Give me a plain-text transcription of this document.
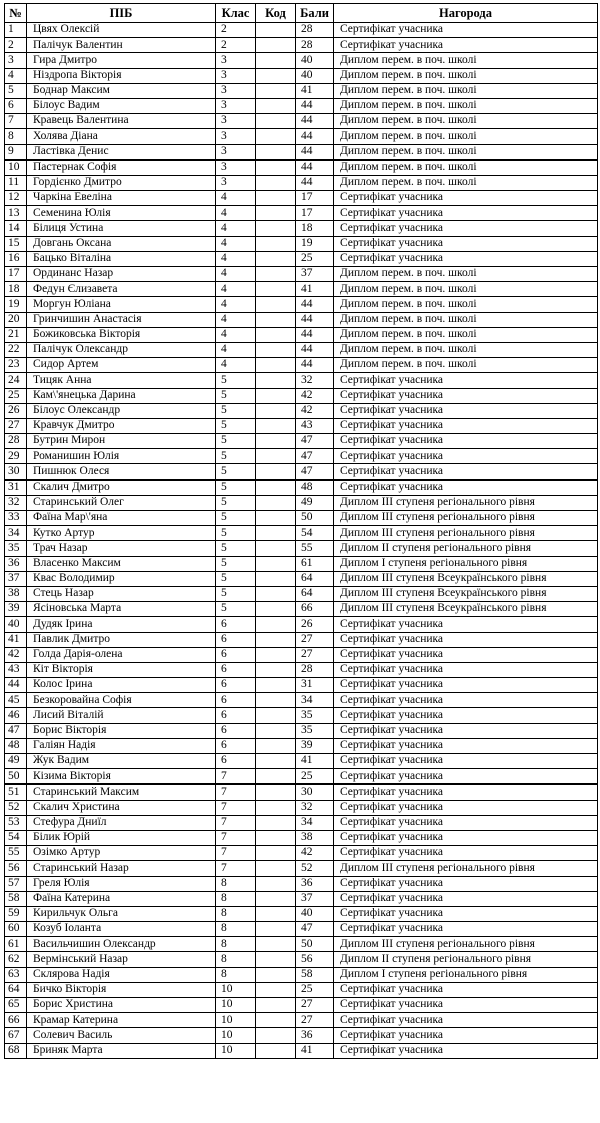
№	ПІБ	Клас	Код	Бали	Нагорода
1	Цвях Олексій	2		28	Сертифікат учасника
2	Палічук Валентин	2		28	Сертифікат учасника
3	Гира Дмитро	3		40	Диплом перем. в поч. школі
4	Ніздропа Вікторія	3		40	Диплом перем. в поч. школі
5	Боднар Максим	3		41	Диплом перем. в поч. школі
6	Білоус Вадим	3		44	Диплом перем. в поч. школі
7	Кравець Валентина	3		44	Диплом перем. в поч. школі
8	Холява Діана	3		44	Диплом перем. в поч. школі
9	Ластівка Денис	3		44	Диплом перем. в поч. школі
10	Пастернак Софія	3		44	Диплом перем. в поч. школі
11	Гордієнко Дмитро	3		44	Диплом перем. в поч. школі
12	Чаркіна Евеліна	4		17	Сертифікат учасника
13	Семенина Юлія	4		17	Сертифікат учасника
14	Білиця Устина	4		18	Сертифікат учасника
15	Довгань Оксана	4		19	Сертифікат учасника
16	Бацько Віталіна	4		25	Сертифікат учасника
17	Ординанс Назар	4		37	Диплом перем. в поч. школі
18	Федун Єлизавета	4		41	Диплом перем. в поч. школі
19	Моргун Юліана	4		44	Диплом перем. в поч. школі
20	Гринчишин Анастасія	4		44	Диплом перем. в поч. школі
21	Божиковська Вікторія	4		44	Диплом перем. в поч. школі
22	Палічук Олександр	4		44	Диплом перем. в поч. школі
23	Сидор Артем	4		44	Диплом перем. в поч. школі
24	Тицяк Анна	5		32	Сертифікат учасника
25	Кам\'янецька Дарина	5		42	Сертифікат учасника
26	Білоус Олександр	5		42	Сертифікат учасника
27	Кравчук Дмитро	5		43	Сертифікат учасника
28	Бутрин Мирон	5		47	Сертифікат учасника
29	Романишин Юлія	5		47	Сертифікат учасника
30	Пишнюк Олеся	5		47	Сертифікат учасника
31	Скалич Дмитро	5		48	Сертифікат учасника
32	Старинський Олег	5		49	Диплом III ступеня регіонального рівня
33	Фаїна Мар\'яна	5		50	Диплом III ступеня регіонального рівня
34	Кутко Артур	5		54	Диплом III ступеня регіонального рівня
35	Трач Назар	5		55	Диплом II ступеня регіонального рівня
36	Власенко Максим	5		61	Диплом I ступеня регіонального рівня
37	Квас Володимир	5		64	Диплом III ступеня Всеукраїнського рівня
38	Стець Назар	5		64	Диплом III ступеня Всеукраїнського рівня
39	Ясіновська Марта	5		66	Диплом III ступеня Всеукраїнського рівня
40	Дудяк Ірина	6		26	Сертифікат учасника
41	Павлик Дмитро	6		27	Сертифікат учасника
42	Голда Дарія-олена	6		27	Сертифікат учасника
43	Кіт Вікторія	6		28	Сертифікат учасника
44	Колос Ірина	6		31	Сертифікат учасника
45	Безкоровайна Софія	6		34	Сертифікат учасника
46	Лисий Віталій	6		35	Сертифікат учасника
47	Борис Вікторія	6		35	Сертифікат учасника
48	Галіян Надія	6		39	Сертифікат учасника
49	Жук Вадим	6		41	Сертифікат учасника
50	Кізима Вікторія	7		25	Сертифікат учасника
51	Старинський Максим	7		30	Сертифікат учасника
52	Скалич Христина	7		32	Сертифікат учасника
53	Стефура Дниїл	7		34	Сертифікат учасника
54	Білик Юрій	7		38	Сертифікат учасника
55	Озімко Артур	7		42	Сертифікат учасника
56	Старинський Назар	7		52	Диплом III ступеня регіонального рівня
57	Греля Юлія	8		36	Сертифікат учасника
58	Фаїна Катерина	8		37	Сертифікат учасника
59	Кирильчук Ольга	8		40	Сертифікат учасника
60	Козуб Іоланта	8		47	Сертифікат учасника
61	Васильчишин Олександр	8		50	Диплом III ступеня регіонального рівня
62	Вермінський Назар	8		56	Диплом II ступеня регіонального рівня
63	Склярова Надія	8		58	Диплом I ступеня регіонального рівня
64	Бичко Вікторія	10		25	Сертифікат учасника
65	Борис Христина	10		27	Сертифікат учасника
66	Крамар Катерина	10		27	Сертифікат учасника
67	Солевич Василь	10		36	Сертифікат учасника
68	Бриняк Марта	10		41	Сертифікат учасника
